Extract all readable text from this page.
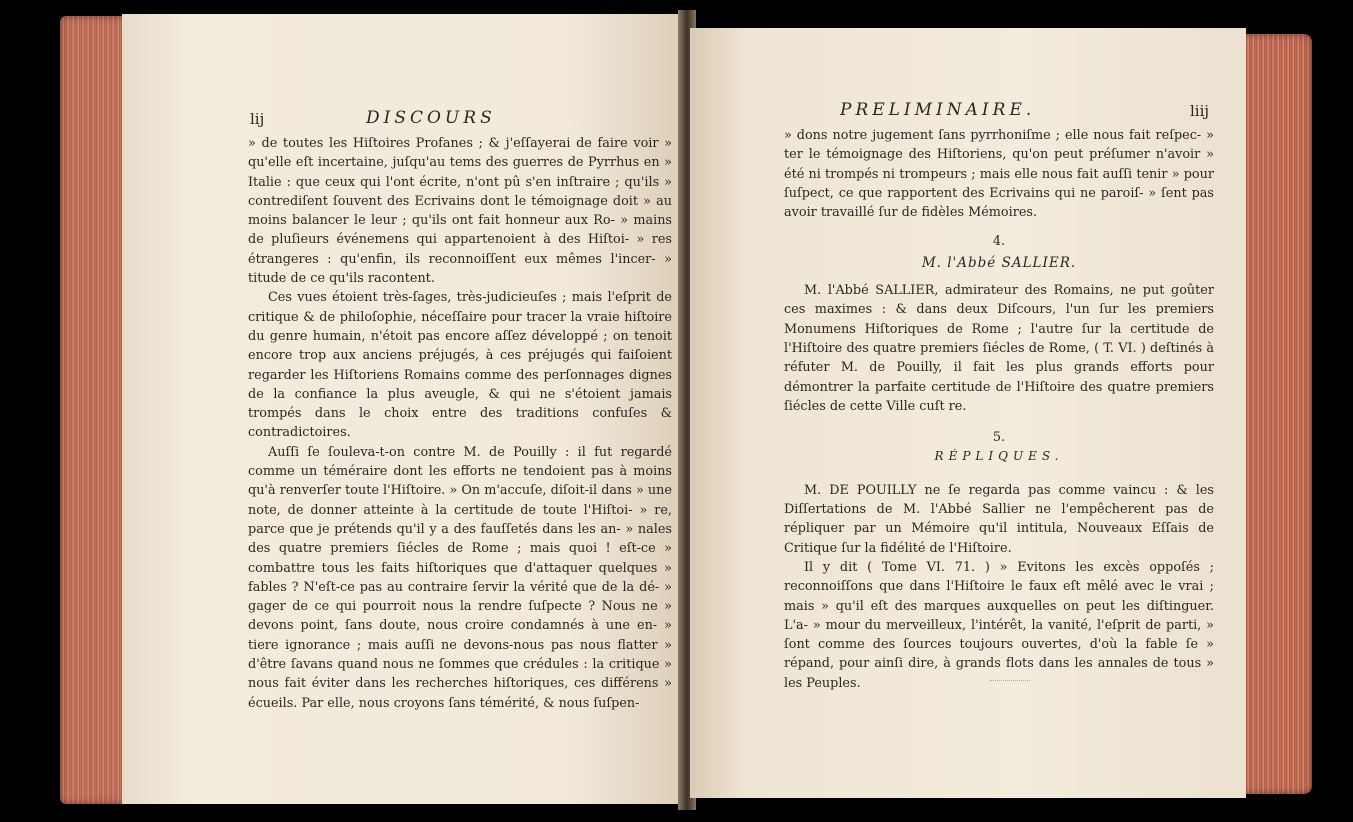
lij	DISCOURS

» de toutes les Hiſtoires Profanes ; & j'eſſayerai de faire voir » qu'elle eſt incertaine, juſqu'au tems des guerres de Pyrrhus en » Italie : que ceux qui l'ont écrite, n'ont pû s'en inſtraire ; qu'ils » contrediſent ſouvent des Ecrivains dont le témoignage doit » au moins balancer le leur ; qu'ils ont fait honneur aux Ro- » mains de pluſieurs événemens qui appartenoient à des Hiſtoi- » res étrangeres : qu'enfin, ils reconnoiſſent eux mêmes l'incer- » titude de ce qu'ils racontent.

Ces vues étoient très-ſages, très-judicieuſes ; mais l'eſprit de critique & de philoſophie, néceſſaire pour tracer la vraie hiſtoire du genre humain, n'étoit pas encore aſſez développé ; on tenoit encore trop aux anciens préjugés, à ces préjugés qui faiſoient regarder les Hiſtoriens Romains comme des perſonnages dignes de la confiance la plus aveugle, & qui ne s'étoient jamais trompés dans le choix entre des traditions confuſes & contradictoires.

Auſſi ſe ſouleva-t-on contre M. de Pouilly : il fut regardé comme un téméraire dont les efforts ne tendoient pas à moins qu'à renverſer toute l'Hiſtoire. » On m'accuſe, diſoit-il dans » une note, de donner atteinte à la certitude de toute l'Hiſtoi- » re, parce que je prétends qu'il y a des fauſſetés dans les an- » nales des quatre premiers ſiécles de Rome ; mais quoi ! eſt-ce » combattre tous les faits hiſtoriques que d'attaquer quelques » fables ? N'eſt-ce pas au contraire ſervir la vérité que de la dé- » gager de ce qui pourroit nous la rendre ſuſpecte ? Nous ne » devons point, ſans doute, nous croire condamnés à une en- » tiere ignorance ; mais auſſi ne devons-nous pas nous flatter » d'être ſavans quand nous ne ſommes que crédules : la critique » nous fait éviter dans les recherches hiſtoriques, ces différens » écueils. Par elle, nous croyons ſans témérité, & nous ſuſpen-

PRELIMINAIRE.	liij

» dons notre jugement ſans pyrrhoniſme ; elle nous fait reſpec- » ter le témoignage des Hiſtoriens, qu'on peut préſumer n'avoir » été ni trompés ni trompeurs ; mais elle nous fait auſſi tenir » pour ſuſpect, ce que rapportent des Ecrivains qui ne paroiſ- » ſent pas avoir travaillé ſur de fidèles Mémoires.

4.

M. l'Abbé SALLIER.

M. l'Abbé SALLIER, admirateur des Romains, ne put goûter ces maximes : & dans deux Diſcours, l'un ſur les premiers Monumens Hiſtoriques de Rome ; l'autre ſur la certitude de l'Hiſtoire des quatre premiers ſiécles de Rome, ( T. VI. ) deſtinés à réfuter M. de Pouilly, il fait les plus grands efforts pour démontrer la parfaite certitude de l'Hiſtoire des quatre premiers ſiécles de cette Ville cuſt re.

5.

RÉPLIQUES.

M. DE POUILLY ne ſe regarda pas comme vaincu : & les Diſſertations de M. l'Abbé Sallier ne l'empêcherent pas de répliquer par un Mémoire qu'il intitula, Nouveaux Eſſais de Critique ſur la fidélité de l'Hiſtoire.

Il y dit ( Tome VI. 71. ) » Evitons les excès oppoſés ; reconnoiſſons que dans l'Hiſtoire le faux eſt mêlé avec le vrai ; mais » qu'il eſt des marques auxquelles on peut les diſtinguer. L'a- » mour du merveilleux, l'intérêt, la vanité, l'eſprit de parti, » ſont comme des ſources toujours ouvertes, d'où la fable ſe » répand, pour ainſi dire, à grands flots dans les annales de tous » les Peuples.
